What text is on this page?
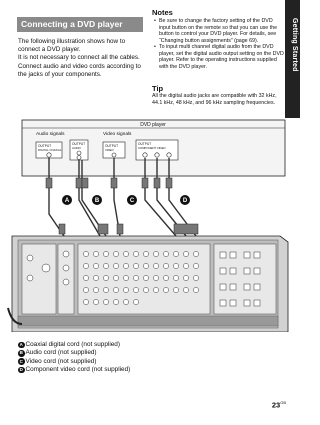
Getting Started
Connecting a DVD player

The following illustration shows how to connect a DVD player.

It is not necessary to connect all the cables. Connect audio and video cords according to the jacks of your components.

Notes
• Be sure to change the factory setting of the DVD input button on the remote so that you can use the button to control your DVD player. For details, see “Changing button assignments” (page 69).
• To input multi channel digital audio from the DVD player, set the digital audio output setting on the DVD player. Refer to the operating instructions supplied with the DVD player.
Tip
All the digital audio jacks are compatible with 32 kHz, 44.1 kHz, 48 kHz, and 96 kHz sampling frequencies.
DVD player
Audio signals	Video signals
OUTPUT
DIGITAL COAXIAL
OUTPUT
AUDIO	OUTPUT
VIDEO
OUTPUT
COMPONENT VIDEO
A	B	C	D
A Coaxial digital cord (not supplied)
B Audio cord (not supplied)
C Video cord (not supplied)
D Component video cord (not supplied)
$23^{GB}$
